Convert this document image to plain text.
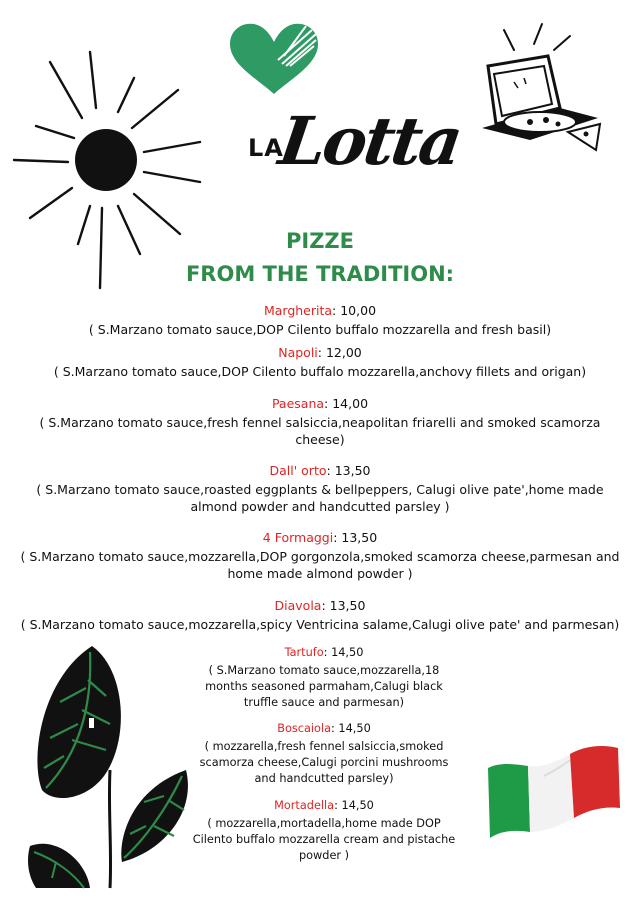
LA
Lotta
PIZZE
FROM THE TRADITION:

Margherita: 10,00

( S.Marzano tomato sauce,DOP Cilento buffalo mozzarella and fresh basil)

Napoli: 12,00

( S.Marzano tomato sauce,DOP Cilento buffalo mozzarella,anchovy fillets and origan)

Paesana: 14,00

( S.Marzano tomato sauce,fresh fennel salsiccia,neapolitan friarelli and smoked scamorza cheese)

Dall' orto: 13,50

( S.Marzano tomato sauce,roasted eggplants & bellpeppers, Calugi olive pate',home made almond powder and handcutted parsley )

4 Formaggi: 13,50

( S.Marzano tomato sauce,mozzarella,DOP gorgonzola,smoked scamorza cheese,parmesan and home made almond powder )

Diavola: 13,50

( S.Marzano tomato sauce,mozzarella,spicy Ventricina salame,Calugi olive pate' and parmesan)

Tartufo: 14,50

( S.Marzano tomato sauce,mozzarella,18 months seasoned parmaham,Calugi black truffle sauce and parmesan)

Boscaiola: 14,50

( mozzarella,fresh fennel salsiccia,smoked scamorza cheese,Calugi porcini mushrooms and handcutted parsley)

Mortadella: 14,50

( mozzarella,mortadella,home made DOP Cilento buffalo mozzarella cream and pistache powder )
